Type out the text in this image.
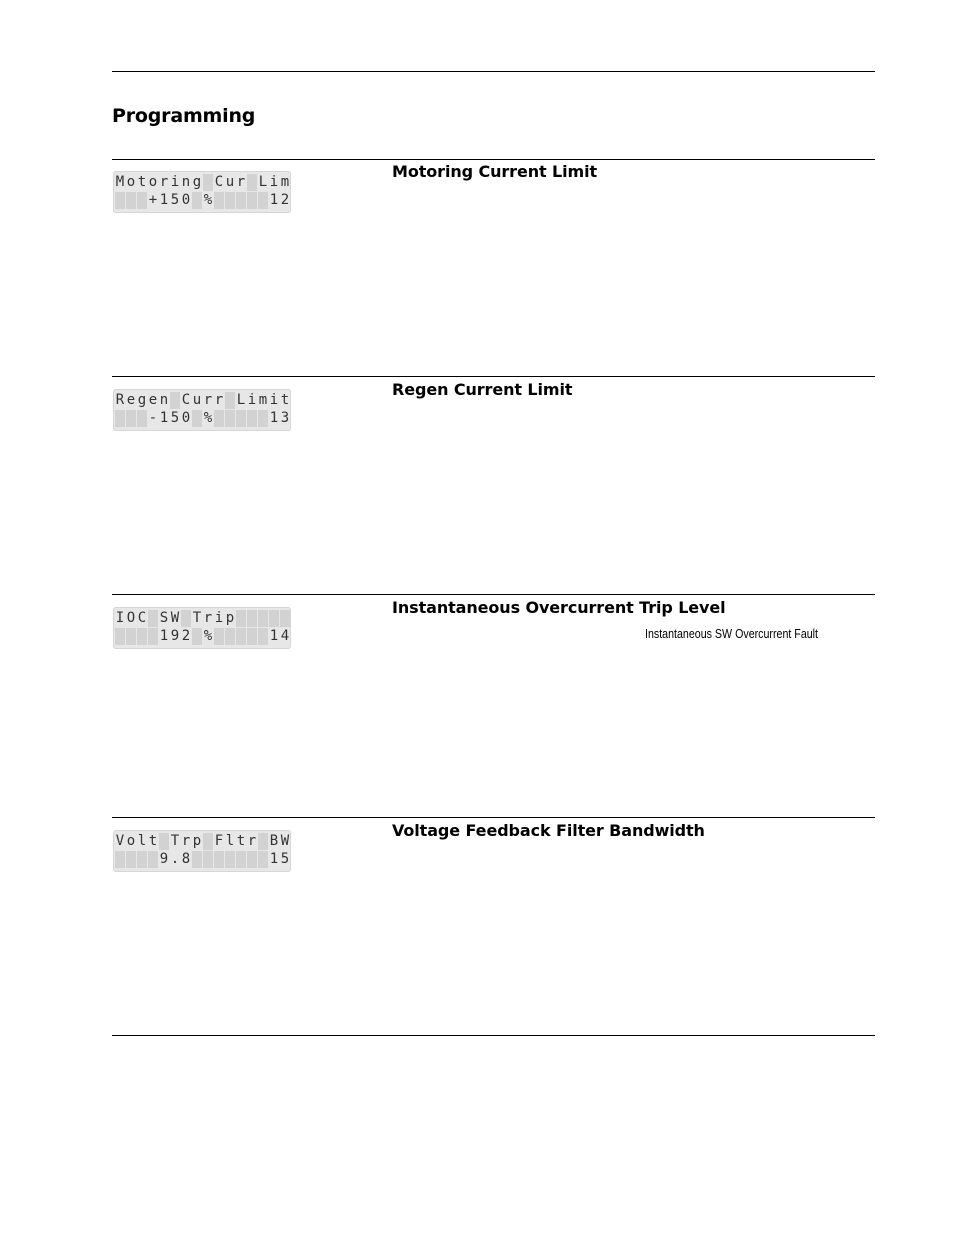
Programming
M o t o r i n g C u r L i m
+ 1 5 0 %	1 2
Motoring Current Limit
R e g e n C u r r L i m i t
- 1 5 0 %	1 3
Regen Current Limit
I O C S W T r i p
1 9 2 %	1 4
Instantaneous Overcurrent Trip Level
Instantaneous SW Overcurrent Fault
V o l t T r p F l t r B W
9 . 8	1 5
Voltage Feedback Filter Bandwidth
